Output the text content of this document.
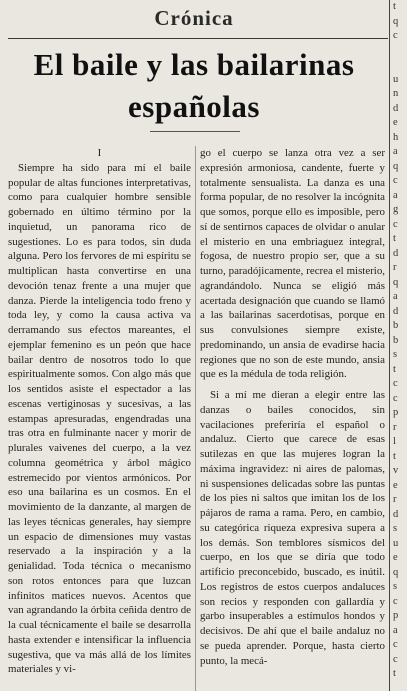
Crónica
El baile y las bailarinas
españolas

I

Siempre ha sido para mí el baile popular de altas funciones interpretativas, como para cualquier hombre sensible gobernado en último término por la inquietud, un panorama rico de sugestiones. Lo es para todos, sin duda alguna. Pero los fervores de mi espíritu se multiplican hasta convertirse en una devoción tenaz frente a una mujer que danza. Pierde la inteligencia todo freno y toda ley, y como la causa activa va derramando sus efectos mareantes, el ejemplar femenino es un peón que hace bailar dentro de nosotros todo lo que espiritualmente somos. Con algo más que los sentidos asiste el espectador a las escenas vertiginosas y sucesivas, a las estampas apresuradas, engendradas una tras otra en fulminante nacer y morir de plurales vaivenes del cuerpo, a la vez columna geométrica y árbol mágico estremecido por vientos armónicos. Por eso una bailarina es un cosmos. En el movimiento de la danzante, al margen de las leyes técnicas generales, hay siempre un espacio de dimensiones muy vastas reservado a la inspiración y a la genialidad. Toda técnica o mecanismo son rotos entonces para que luzcan infinitos matices nuevos. Acentos que van agrandando la órbita ceñida dentro de la cual técnicamente el baile se desarrolla hasta extender e intensificar la influencia sugestiva, que va más allá de los límites materiales y vi-

go el cuerpo se lanza otra vez a ser expresión armoniosa, candente, fuerte y totalmente sensualista. La danza es una forma popular, de no resolver la incógnita que somos, porque ello es imposible, pero sí de sentirnos capaces de olvidar o anular el misterio en una embriaguez integral, fogosa, de nuestro propio ser, que a su turno, paradójicamente, recrea el misterio, agrandándolo. Nunca se eligió más acertada designación que cuando se llamó a las bailarinas sacerdotisas, porque en sus convulsiones siempre existe, predominando, un ansia de evadirse hacia regiones que no son de este mundo, ansia que es la médula de toda religión.

Si a mí me dieran a elegir entre las danzas o bailes conocidos, sin vacilaciones preferiría el español o andaluz. Cierto que carece de esas sutilezas en que las mujeres logran la máxima ingravidez: ni aires de palomas, ni suspensiones delicadas sobre las puntas de los pies ni saltos que imitan los de los pájaros de rama a rama. Pero, en cambio, su categórica riqueza expresiva supera a los demás. Son temblores sísmicos del cuerpo, en los que se diría que todo artificio preconcebido, buscado, es inútil. Los registros de estos cuerpos andaluces son recios y responden con gallardía y garbo insuperables a estímulos hondos y decisivos. De ahí que el baile andaluz no se pueda aprender. Porque, hasta cierto punto, la mecá-

t
q
c

u
n
d
e
h
a
q
c
a
g
c
t
d
r
q
a
d
b
b
s
t
c
c
p
r
l
t
v
e
r
d
s
u
e
q
s
c
p
a
c
c
t
